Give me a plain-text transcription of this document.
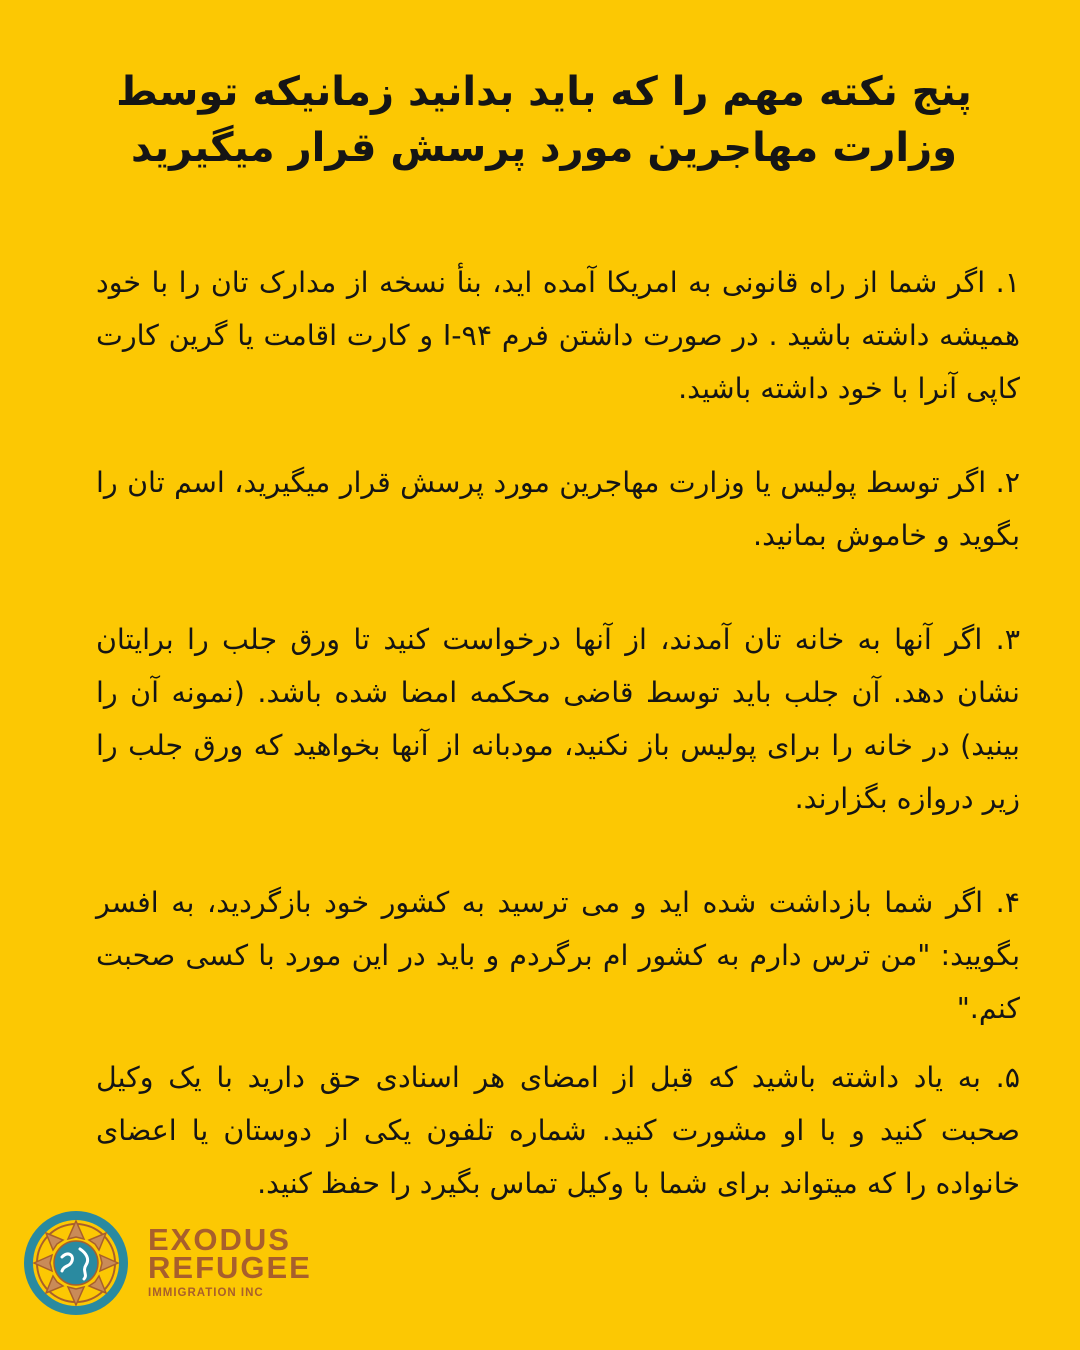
پنج نکته مهم را که باید بدانید زمانیکه توسط وزارت مهاجرین مورد پرسش قرار میگیرید

۱. اگر شما از راه قانونی به امریکا آمده اید، بنأ نسخه از مدارک تان را با خود همیشه داشته باشید . در صورت داشتن فرم ۹۴-I و کارت اقامت یا گرین کارت کاپی آنرا با خود داشته باشید.

۲. اگر توسط پولیس یا وزارت مهاجرین مورد پرسش قرار میگیرید، اسم تان را بگوید و خاموش بمانید.

۳. اگر آنها به خانه تان آمدند، از آنها درخواست کنید تا ورق جلب را برایتان نشان دهد. آن جلب باید توسط قاضی محکمه امضا شده باشد. (نمونه آن را بینید) در خانه را برای پولیس باز نکنید، مودبانه از آنها بخواهید که ورق جلب را زیر دروازه بگزارند.

۴. اگر شما بازداشت شده اید و می ترسید به کشور خود بازگردید، به افسر بگویید: "من ترس دارم به کشور ام برگردم و باید در این مورد با کسی صحبت کنم."

۵. به یاد داشته باشید که قبل از امضای هر اسنادی حق دارید با یک وکیل صحبت کنید و با او مشورت کنید. شماره تلفون یکی از دوستان یا اعضای خانواده را که میتواند برای شما با وکیل تماس بگیرد را حفظ کنید.

EXODUS
REFUGEE
IMMIGRATION INC
